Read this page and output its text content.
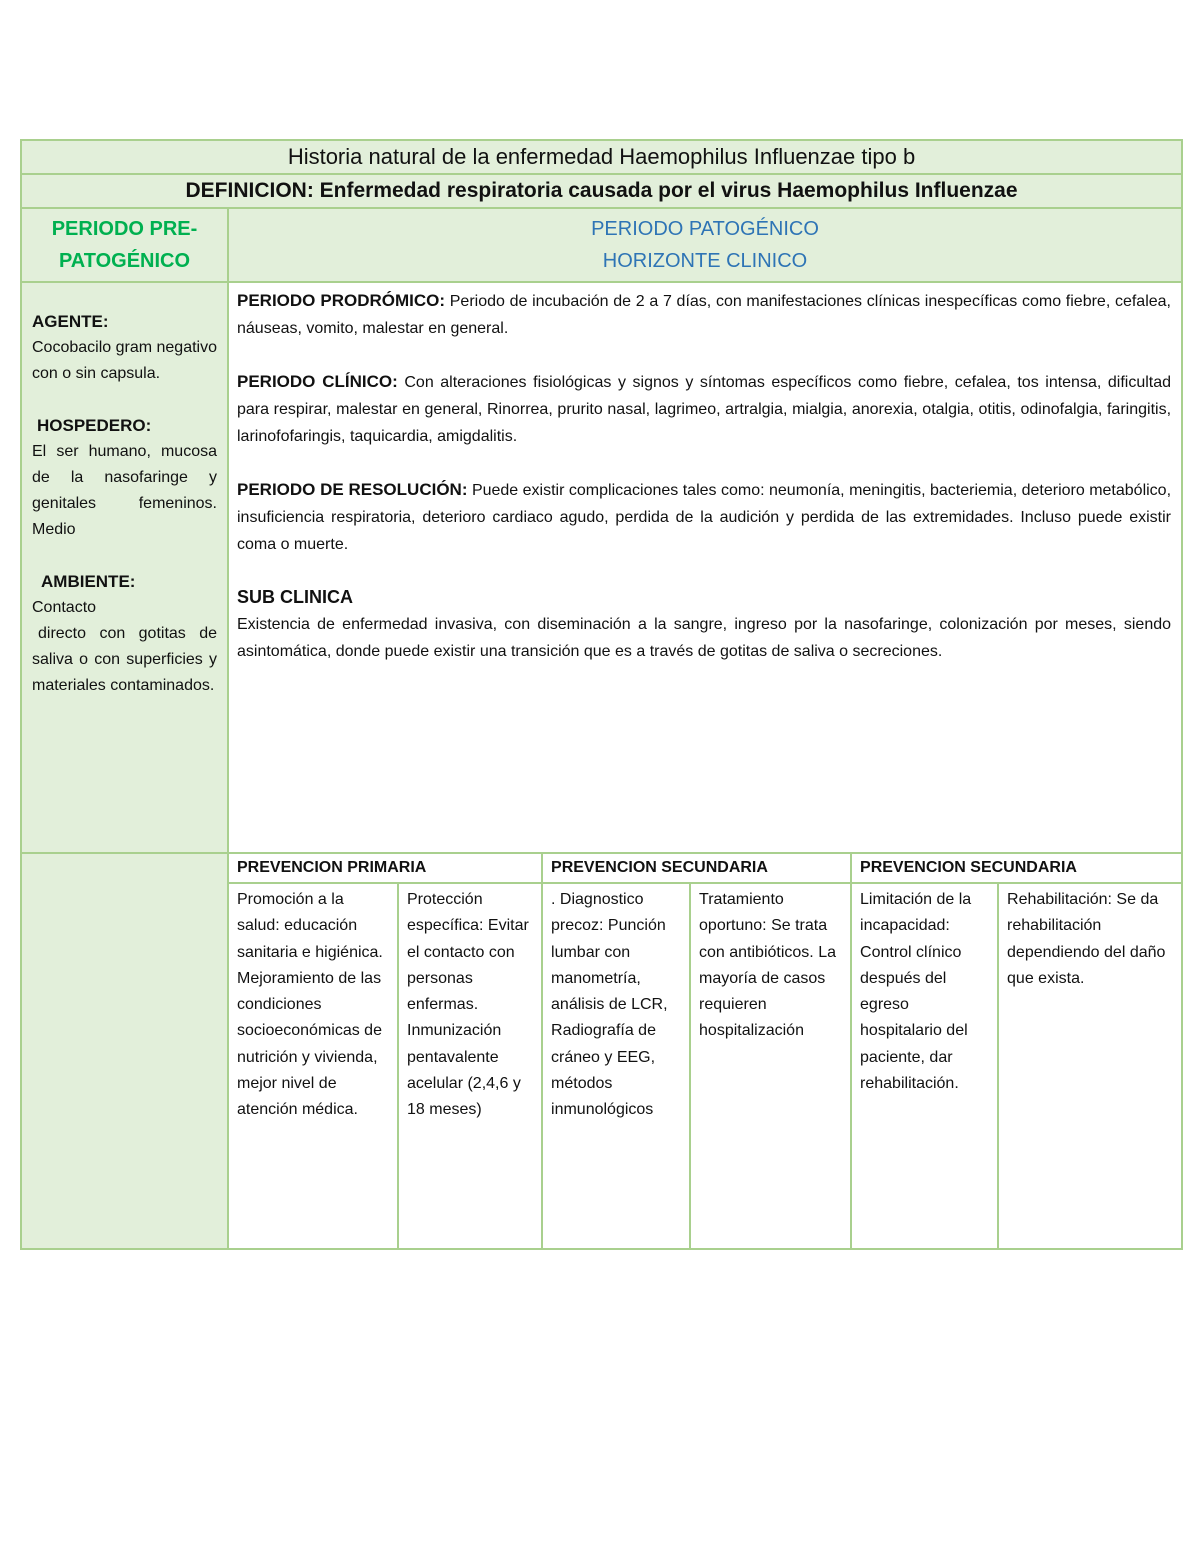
Historia natural de la enfermedad Haemophilus Influenzae tipo b
DEFINICION: Enfermedad respiratoria causada por el virus Haemophilus Influenzae

PERIODO PRE-
PATOGÉNICO

PERIODO PATOGÉNICO
HORIZONTE CLINICO

AGENTE:
Cocobacilo gram negativo con o sin capsula.
HOSPEDERO:
El ser humano, mucosa de la nasofaringe y genitales femeninos. Medio
AMBIENTE:
Contacto
directo con gotitas de saliva o con superficies y materiales contaminados.

PERIODO PRODRÓMICO: Periodo de incubación de 2 a 7 días, con manifestaciones clínicas inespecíficas como fiebre, cefalea, náuseas, vomito, malestar en general.

PERIODO CLÍNICO: Con alteraciones fisiológicas y signos y síntomas específicos como fiebre, cefalea, tos intensa, dificultad para respirar, malestar en general, Rinorrea, prurito nasal, lagrimeo, artralgia, mialgia, anorexia, otalgia, otitis, odinofalgia, faringitis, larinofofaringis, taquicardia, amigdalitis.

PERIODO DE RESOLUCIÓN: Puede existir complicaciones tales como: neumonía, meningitis, bacteriemia, deterioro metabólico, insuficiencia respiratoria, deterioro cardiaco agudo, perdida de la audición y perdida de las extremidades. Incluso puede existir coma o muerte.

SUB CLINICA

Existencia de enfermedad invasiva, con diseminación a la sangre, ingreso por la nasofaringe, colonización por meses, siendo asintomática, donde puede existir una transición que es a través de gotitas de saliva o secreciones.

PREVENCION PRIMARIA	PREVENCION SECUNDARIA	PREVENCION SECUNDARIA
Promoción a la salud: educación sanitaria e higiénica. Mejoramiento de las condiciones socioeconómicas de nutrición y vivienda, mejor nivel de atención médica.	Protección específica: Evitar el contacto con personas enfermas. Inmunización pentavalente acelular (2,4,6 y 18 meses)	. Diagnostico precoz: Punción lumbar con manometría, análisis de LCR, Radiografía de cráneo y EEG, métodos inmunológicos	Tratamiento oportuno: Se trata con antibióticos. La mayoría de casos requieren hospitalización	Limitación de la incapacidad: Control clínico después del egreso hospitalario del paciente, dar rehabilitación.	Rehabilitación: Se da rehabilitación dependiendo del daño que exista.
